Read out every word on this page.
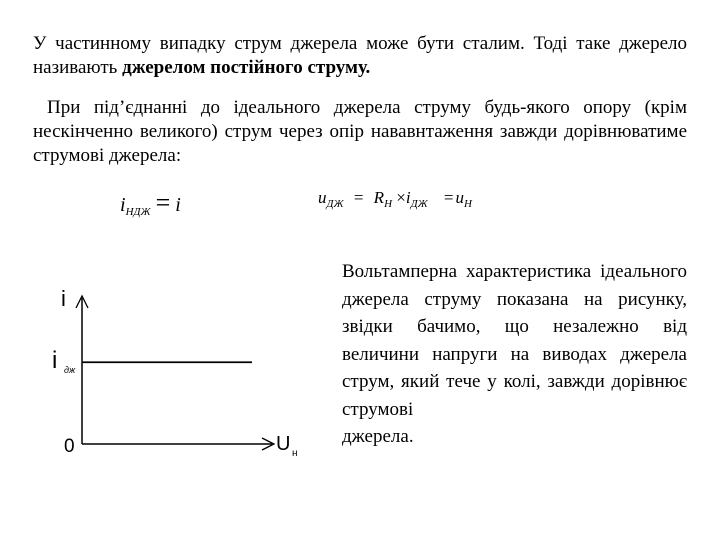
У частинному випадку струм джерела може бути сталим. Тоді таке джерело називають джерелом постійного струму.
При під’єднанні до ідеального джерела струму будь-якого опору (крім нескінченно великого) струм через опір нававнтаження завжди дорівнюватиме струмові джерела:
$i_{НДЖ} = i$	$u_{ДЖ} = R_Н \times i_{ДЖ} = u_Н$
i
i дж
0	U н
Вольтамперна характеристика ідеального джерела струму показана на рисунку, звідки бачимо, що незалежно від величини напруги на виводах джерела струм, який тече у колі, завжди дорівнює струмові
джерела.
